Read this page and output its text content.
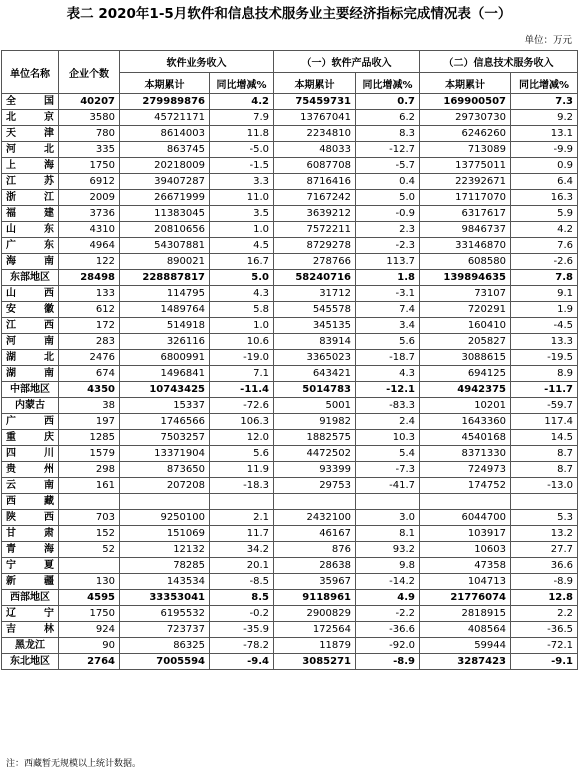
表二 2020年1-5月软件和信息技术服务业主要经济指标完成情况表（一）
单位：万元
单位名称	企业个数	软件业务收入		（一）软件产品收入		（二）信息技术服务收入	
		本期累计	同比增减%	本期累计	同比增减%	本期累计	同比增减%
全国	40207	279989876	4.2	75459731	0.7	169900507	7.3
北京	3580	45721171	7.9	13767041	6.2	29730730	9.2
天津	780	8614003	11.8	2234810	8.3	6246260	13.1
河北	335	863745	-5.0	48033	-12.7	713089	-9.9
上海	1750	20218009	-1.5	6087708	-5.7	13775011	0.9
江苏	6912	39407287	3.3	8716416	0.4	22392671	6.4
浙江	2009	26671999	11.0	7167242	5.0	17117070	16.3
福建	3736	11383045	3.5	3639212	-0.9	6317617	5.9
山东	4310	20810656	1.0	7572211	2.3	9846737	4.2
广东	4964	54307881	4.5	8729278	-2.3	33146870	7.6
海南	122	890021	16.7	278766	113.7	608580	-2.6
东部地区	28498	228887817	5.0	58240716	1.8	139894635	7.8
山西	133	114795	4.3	31712	-3.1	73107	9.1
安徽	612	1489764	5.8	545578	7.4	720291	1.9
江西	172	514918	1.0	345135	3.4	160410	-4.5
河南	283	326116	10.6	83914	5.6	205827	13.3
湖北	2476	6800991	-19.0	3365023	-18.7	3088615	-19.5
湖南	674	1496841	7.1	643421	4.3	694125	8.9
中部地区	4350	10743425	-11.4	5014783	-12.1	4942375	-11.7
内蒙古	38	15337	-72.6	5001	-83.3	10201	-59.7
广西	197	1746566	106.3	91982	2.4	1643360	117.4
重庆	1285	7503257	12.0	1882575	10.3	4540168	14.5
四川	1579	13371904	5.6	4472502	5.4	8371330	8.7
贵州	298	873650	11.9	93399	-7.3	724973	8.7
云南	161	207208	-18.3	29753	-41.7	174752	-13.0
西藏							
陕西	703	9250100	2.1	2432100	3.0	6044700	5.3
甘肃	152	151069	11.7	46167	8.1	103917	13.2
青海	52	12132	34.2	876	93.2	10603	27.7
宁夏		78285	20.1	28638	9.8	47358	36.6
新疆	130	143534	-8.5	35967	-14.2	104713	-8.9
西部地区	4595	33353041	8.5	9118961	4.9	21776074	12.8
辽宁	1750	6195532	-0.2	2900829	-2.2	2818915	2.2
吉林	924	723737	-35.9	172564	-36.6	408564	-36.5
黑龙江	90	86325	-78.2	11879	-92.0	59944	-72.1
东北地区	2764	7005594	-9.4	3085271	-8.9	3287423	-9.1
注：西藏暂无规模以上统计数据。
